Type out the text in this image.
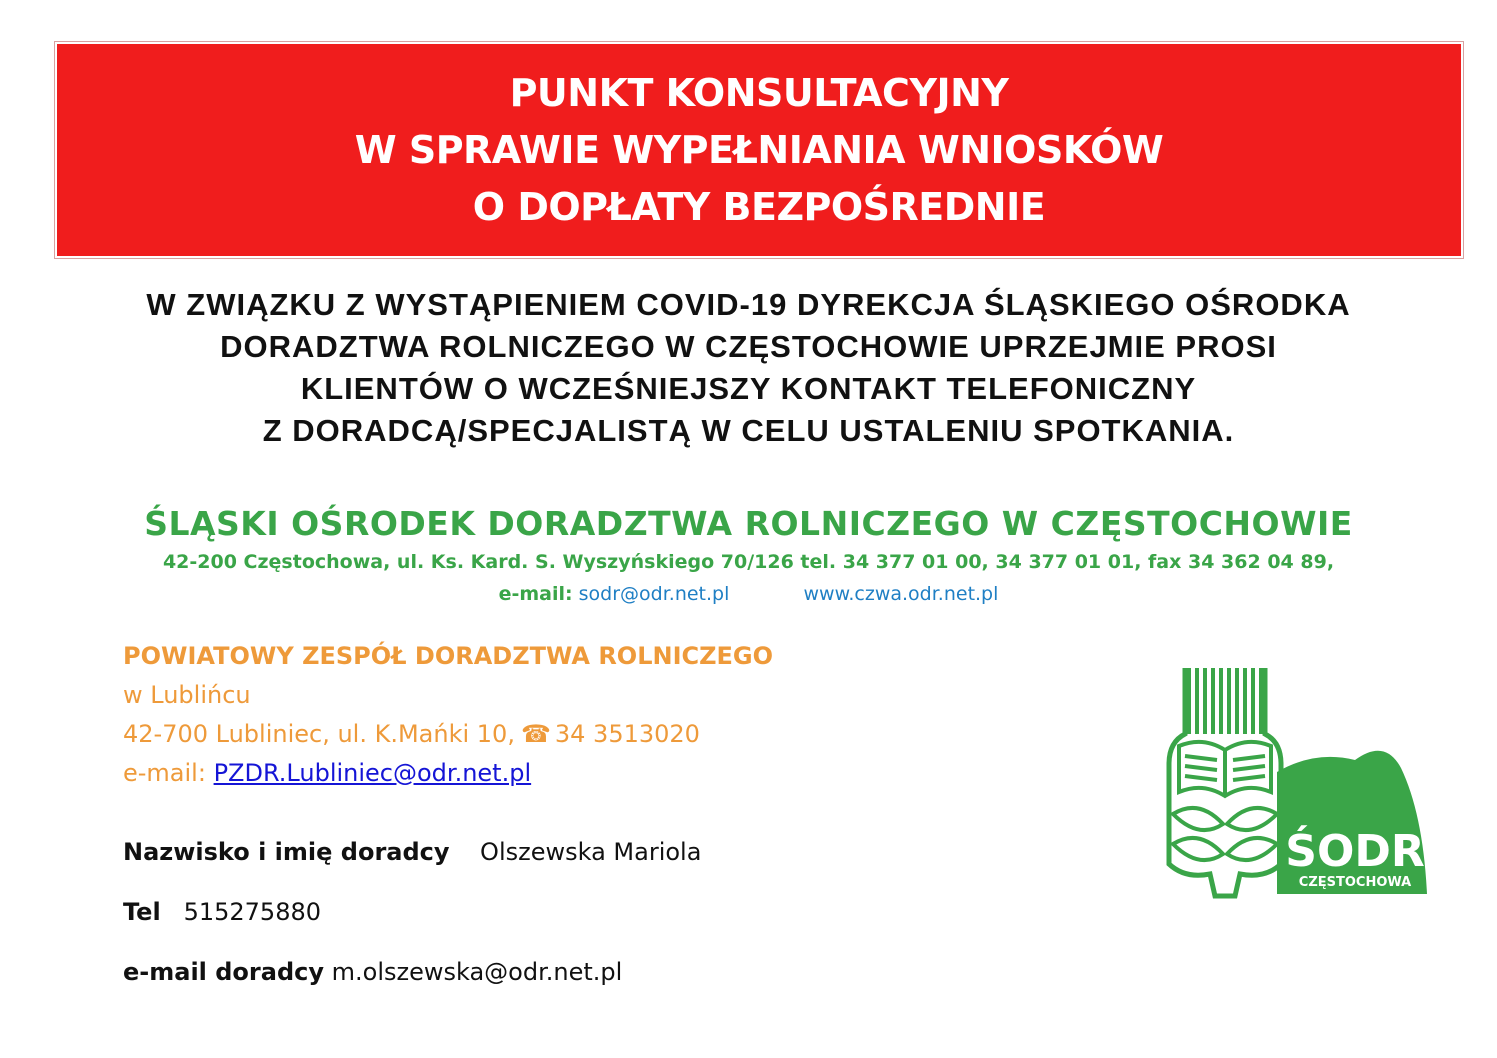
PUNKT KONSULTACYJNY
W SPRAWIE WYPEŁNIANIA WNIOSKÓW
O DOPŁATY BEZPOŚREDNIE
W ZWIĄZKU Z WYSTĄPIENIEM COVID-19 DYREKCJA ŚLĄSKIEGO OŚRODKA
DORADZTWA ROLNICZEGO W CZĘSTOCHOWIE UPRZEJMIE PROSI
KLIENTÓW O WCZEŚNIEJSZY KONTAKT TELEFONICZNY
Z DORADCĄ/SPECJALISTĄ W CELU USTALENIU SPOTKANIA.
ŚLĄSKI OŚRODEK DORADZTWA ROLNICZEGO W CZĘSTOCHOWIE
42-200 Częstochowa, ul. Ks. Kard. S. Wyszyńskiego 70/126 tel. 34 377 01 00, 34 377 01 01, fax 34 362 04 89,
e-mail: sodr@odr.net.pl	www.czwa.odr.net.pl
POWIATOWY ZESPÓŁ DORADZTWA ROLNICZEGO
w Lublińcu
42-700 Lubliniec, ul. K.Mańki 10, ☎ 34 3513020
e-mail: PZDR.Lubliniec@odr.net.pl
Nazwisko i imię doradcy Olszewska Mariola
Tel 515275880
e-mail doradcy m.olszewska@odr.net.pl
ŚODR
CZĘSTOCHOWA
